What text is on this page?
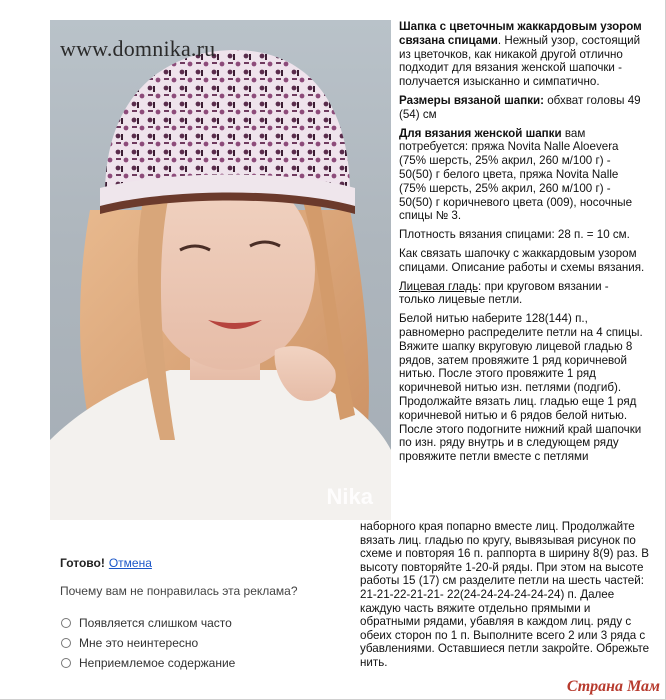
www.domnika.ru
Nika

Шапка с цветочным жаккардовым узором связана спицами. Нежный узор, состоящий из цветочков, как никакой другой отлично подходит для вязания женской шапочки - получается изысканно и симпатично.

Размеры вязаной шапки: обхват головы 49 (54) см

Для вязания женской шапки вам потребуется: пряжа Novita Nalle Aloevera (75% шерсть, 25% акрил, 260 м/100 г) - 50(50) г белого цвета, пряжа Novita Nalle (75% шерсть, 25% акрил, 260 м/100 г) - 50(50) г коричневого цвета (009), носочные спицы № 3.

Плотность вязания спицами: 28 п. = 10 см.

Как связать шапочку с жаккардовым узором спицами. Описание работы и схемы вязания.

Лицевая гладь: при круговом вязании - только лицевые петли.

Белой нитью наберите 128(144) п., равномерно распределите петли на 4 спицы. Вяжите шапку вкруговую лицевой гладью 8 рядов, затем провяжите 1 ряд коричневой нитью. После этого провяжите 1 ряд коричневой нитью изн. петлями (подгиб). Продолжайте вязать лиц. гладью еще 1 ряд коричневой нитью и 6 рядов белой нитью. После этого подогните нижний край шапочки по изн. ряду внутрь и в следующем ряду провяжите петли вместе с петлями

наборного края попарно вместе лиц. Продолжайте вязать лиц. гладью по кругу, вывязывая рисунок по схеме и повторяя 16 п. раппорта в ширину 8(9) раз. В высоту повторяйте 1-20-й ряды. При этом на высоте работы 15 (17) см разделите петли на шесть частей: 21-21-22-21-21- 22(24-24-24-24-24-24) п. Далее каждую часть вяжите отдельно прямыми и обратными рядами, убавляя в каждом лиц. ряду с обеих сторон по 1 п. Выполните всего 2 или 3 ряда с убавлениями. Оставшиеся петли закройте. Обрежьте нить.

Готово! Отмена
Почему вам не понравилась эта реклама?
Появляется слишком часто
Мне это неинтересно
Неприемлемое содержание
Страна Мам
